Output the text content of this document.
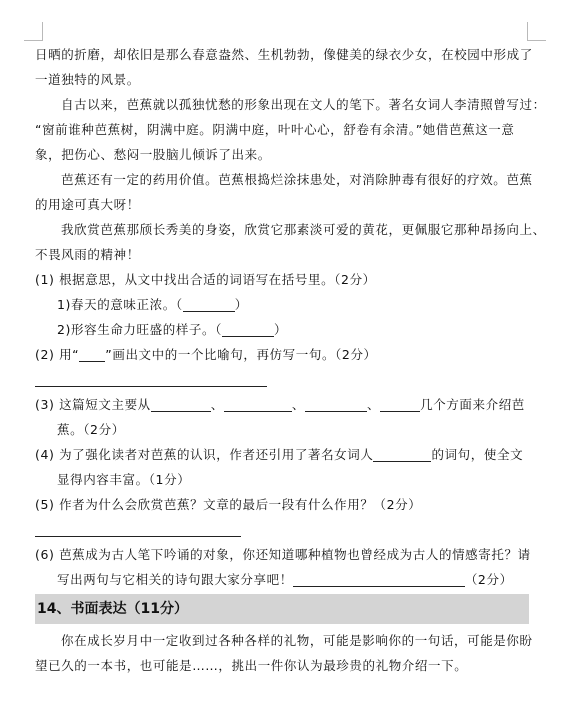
日晒的折磨，却依旧是那么春意盎然、生机勃勃，像健美的绿衣少女，在校园中形成了
一道独特的风景。
自古以来，芭蕉就以孤独忧愁的形象出现在文人的笔下。著名女词人李清照曾写过：
“窗前谁种芭蕉树，阴满中庭。阴满中庭，叶叶心心，舒卷有余清。”她借芭蕉这一意
象，把伤心、愁闷一股脑儿倾诉了出来。
芭蕉还有一定的药用价值。芭蕉根捣烂涂抹患处，对消除肿毒有很好的疗效。芭蕉
的用途可真大呀！
我欣赏芭蕉那颀长秀美的身姿，欣赏它那素淡可爱的黄花，更佩服它那种昂扬向上、
不畏风雨的精神！
(1) 根据意思，从文中找出合适的词语写在括号里。（2分）
1)春天的意味正浓。（	）
2)形容生命力旺盛的样子。（	）
(2) 用“ ”画出文中的一个比喻句，再仿写一句。（2分）
(3) 这篇短文主要从	、	、	、	几个方面来介绍芭
蕉。（2分）
(4) 为了强化读者对芭蕉的认识，作者还引用了著名女词人	的词句，使全文
显得内容丰富。（1分）
(5) 作者为什么会欣赏芭蕉？文章的最后一段有什么作用？（2分）
(6) 芭蕉成为古人笔下吟诵的对象，你还知道哪种植物也曾经成为古人的情感寄托？请
写出两句与它相关的诗句跟大家分享吧！	（2分）
14、书面表达（11分）
你在成长岁月中一定收到过各种各样的礼物，可能是影响你的一句话，可能是你盼
望已久的一本书，也可能是……，挑出一件你认为最珍贵的礼物介绍一下。
